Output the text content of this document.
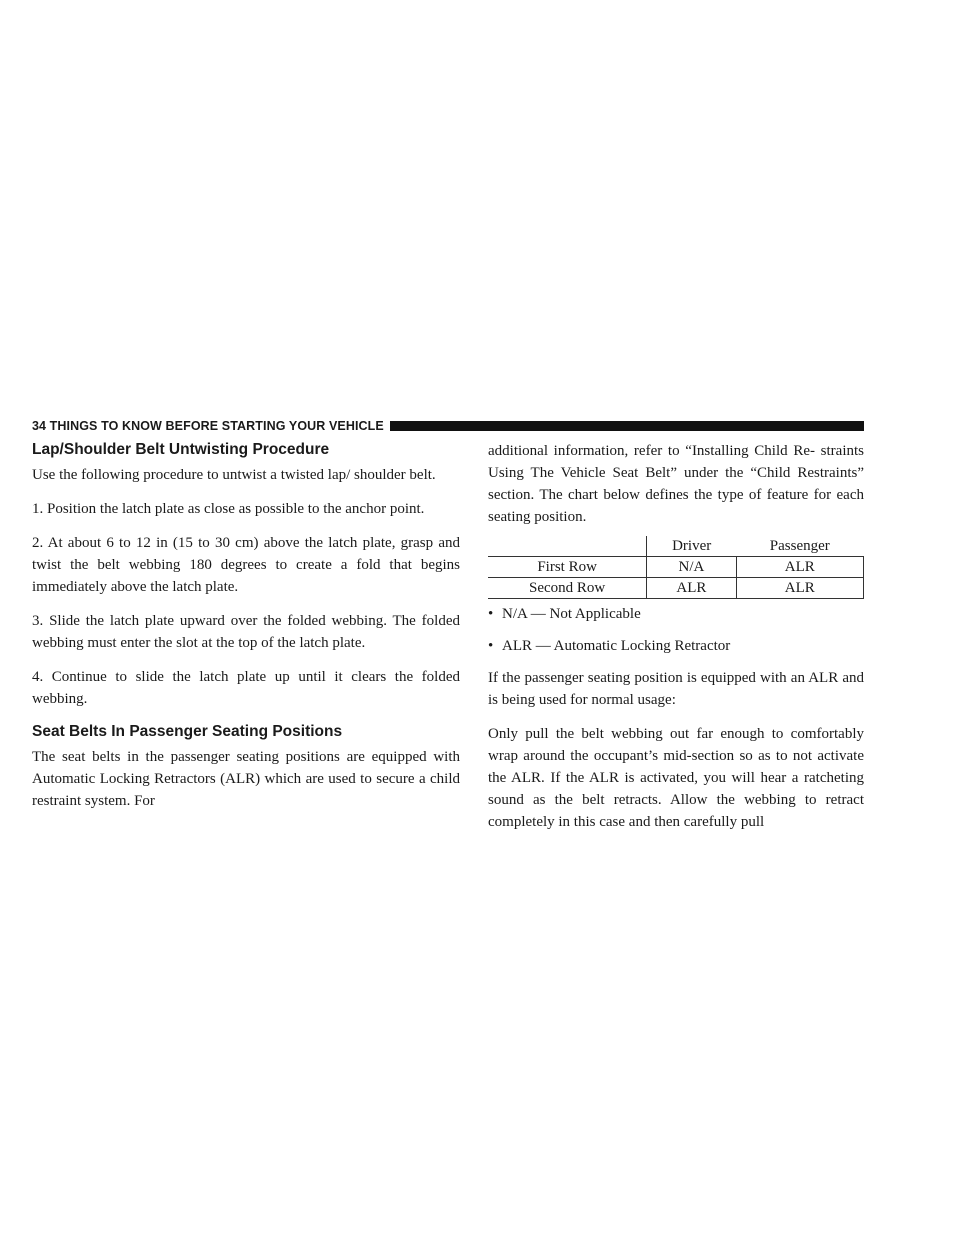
34 THINGS TO KNOW BEFORE STARTING YOUR VEHICLE
Lap/Shoulder Belt Untwisting Procedure

Use the following procedure to untwist a twisted lap/ shoulder belt.

1. Position the latch plate as close as possible to the anchor point.

2. At about 6 to 12 in (15 to 30 cm) above the latch plate, grasp and twist the belt webbing 180 degrees to create a fold that begins immediately above the latch plate.

3. Slide the latch plate upward over the folded webbing. The folded webbing must enter the slot at the top of the latch plate.

4. Continue to slide the latch plate up until it clears the folded webbing.

Seat Belts In Passenger Seating Positions

The seat belts in the passenger seating positions are equipped with Automatic Locking Retractors (ALR) which are used to secure a child restraint system. For

additional information, refer to “Installing Child Re- straints Using The Vehicle Seat Belt” under the “Child Restraints” section. The chart below defines the type of feature for each seating position.

	Driver	Passenger
First Row	N/A	ALR
Second Row	ALR	ALR
• N/A — Not Applicable
• ALR — Automatic Locking Retractor

If the passenger seating position is equipped with an ALR and is being used for normal usage:

Only pull the belt webbing out far enough to comfortably wrap around the occupant’s mid-section so as to not activate the ALR. If the ALR is activated, you will hear a ratcheting sound as the belt retracts. Allow the webbing to retract completely in this case and then carefully pull
